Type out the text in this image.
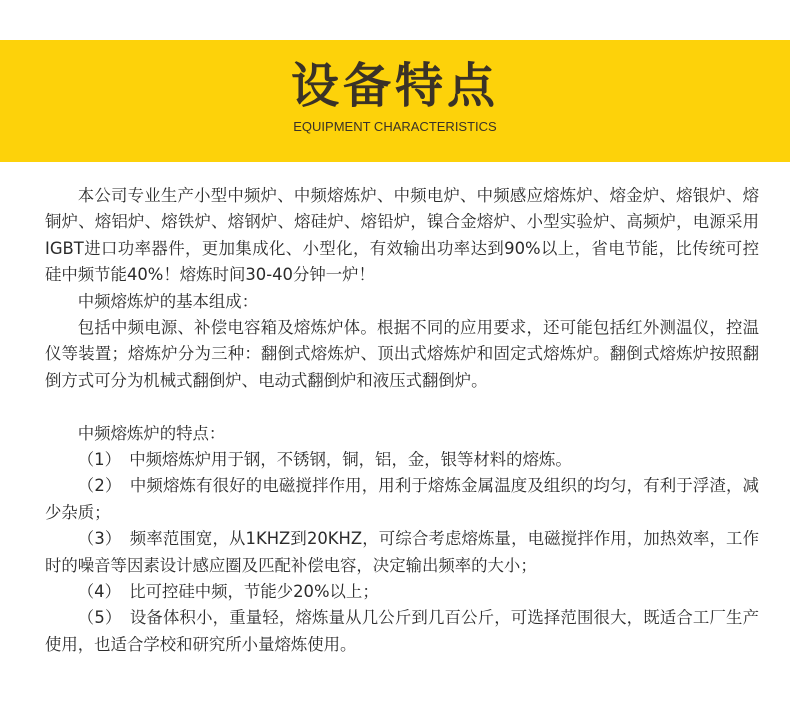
设备特点
EQUIPMENT CHARACTERISTICS

本公司专业生产小型中频炉、中频熔炼炉、中频电炉、中频感应熔炼炉、熔金炉、熔银炉、熔铜炉、熔铝炉、熔铁炉、熔钢炉、熔硅炉、熔铅炉，镍合金熔炉、小型实验炉、高频炉，电源采用IGBT进口功率器件，更加集成化、小型化，有效输出功率达到90%以上，省电节能，比传统可控硅中频节能40%！熔炼时间30-40分钟一炉！

中频熔炼炉的基本组成：

包括中频电源、补偿电容箱及熔炼炉体。根据不同的应用要求，还可能包括红外测温仪，控温仪等装置；熔炼炉分为三种：翻倒式熔炼炉、顶出式熔炼炉和固定式熔炼炉。翻倒式熔炼炉按照翻倒方式可分为机械式翻倒炉、电动式翻倒炉和液压式翻倒炉。

中频熔炼炉的特点：

（1）　中频熔炼炉用于钢，不锈钢，铜，铝，金，银等材料的熔炼。

（2）　中频熔炼有很好的电磁搅拌作用，用利于熔炼金属温度及组织的均匀，有利于浮渣，减少杂质；

（3）　频率范围宽，从1KHZ到20KHZ，可综合考虑熔炼量，电磁搅拌作用，加热效率，工作时的噪音等因素设计感应圈及匹配补偿电容，决定输出频率的大小；

（4）　比可控硅中频，节能少20%以上；

（5）　设备体积小，重量轻，熔炼量从几公斤到几百公斤，可选择范围很大，既适合工厂生产使用，也适合学校和研究所小量熔炼使用。
